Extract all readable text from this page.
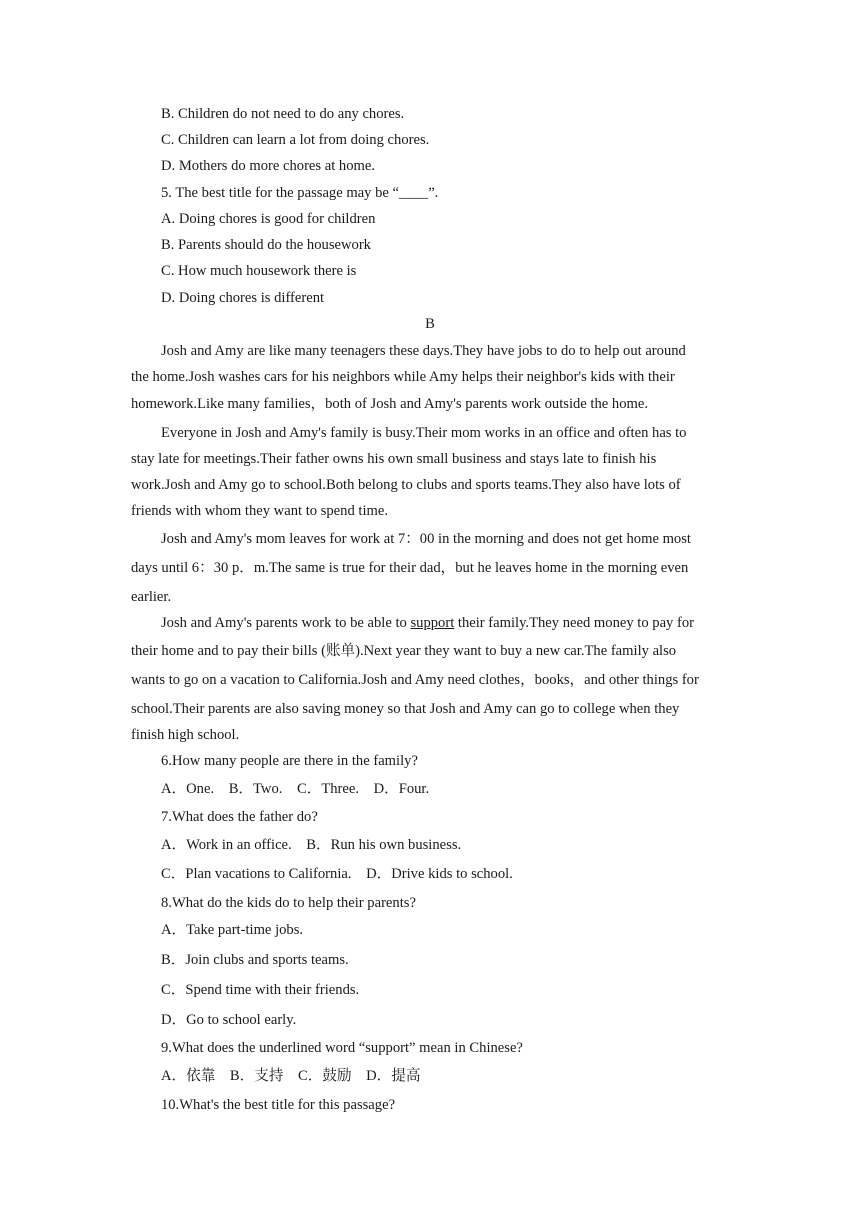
B. Children do not need to do any chores.
C. Children can learn a lot from doing chores.
D. Mothers do more chores at home.
5. The best title for the passage may be “____”.
A. Doing chores is good for children
B. Parents should do the housework
C. How much housework there is
D. Doing chores is different
B
Josh and Amy are like many teenagers these days.They have jobs to do to help out around
the home.Josh washes cars for his neighbors while Amy helps their neighbor's kids with their
homework.Like many families，both of Josh and Amy's parents work outside the home.
Everyone in Josh and Amy's family is busy.Their mom works in an office and often has to
stay late for meetings.Their father owns his own small business and stays late to finish his
work.Josh and Amy go to school.Both belong to clubs and sports teams.They also have lots of
friends with whom they want to spend time.
Josh and Amy's mom leaves for work at 7：00 in the morning and does not get home most
days until 6：30 p．m.The same is true for their dad，but he leaves home in the morning even
earlier.
Josh and Amy's parents work to be able to support their family.They need money to pay for
their home and to pay their bills (账单).Next year they want to buy a new car.The family also
wants to go on a vacation to California.Josh and Amy need clothes，books，and other things for
school.Their parents are also saving money so that Josh and Amy can go to college when they
finish high school.
6.How many people are there in the family?
A．One.　B．Two.　C．Three.　D．Four.
7.What does the father do?
A．Work in an office.　B．Run his own business.
C．Plan vacations to California.　D．Drive kids to school.
8.What do the kids do to help their parents?
A．Take part-time jobs.
B．Join clubs and sports teams.
C．Spend time with their friends.
D．Go to school early.
9.What does the underlined word “support” mean in Chinese?
A．依靠　B．支持　C．鼓励　D．提高
10.What's the best title for this passage?
